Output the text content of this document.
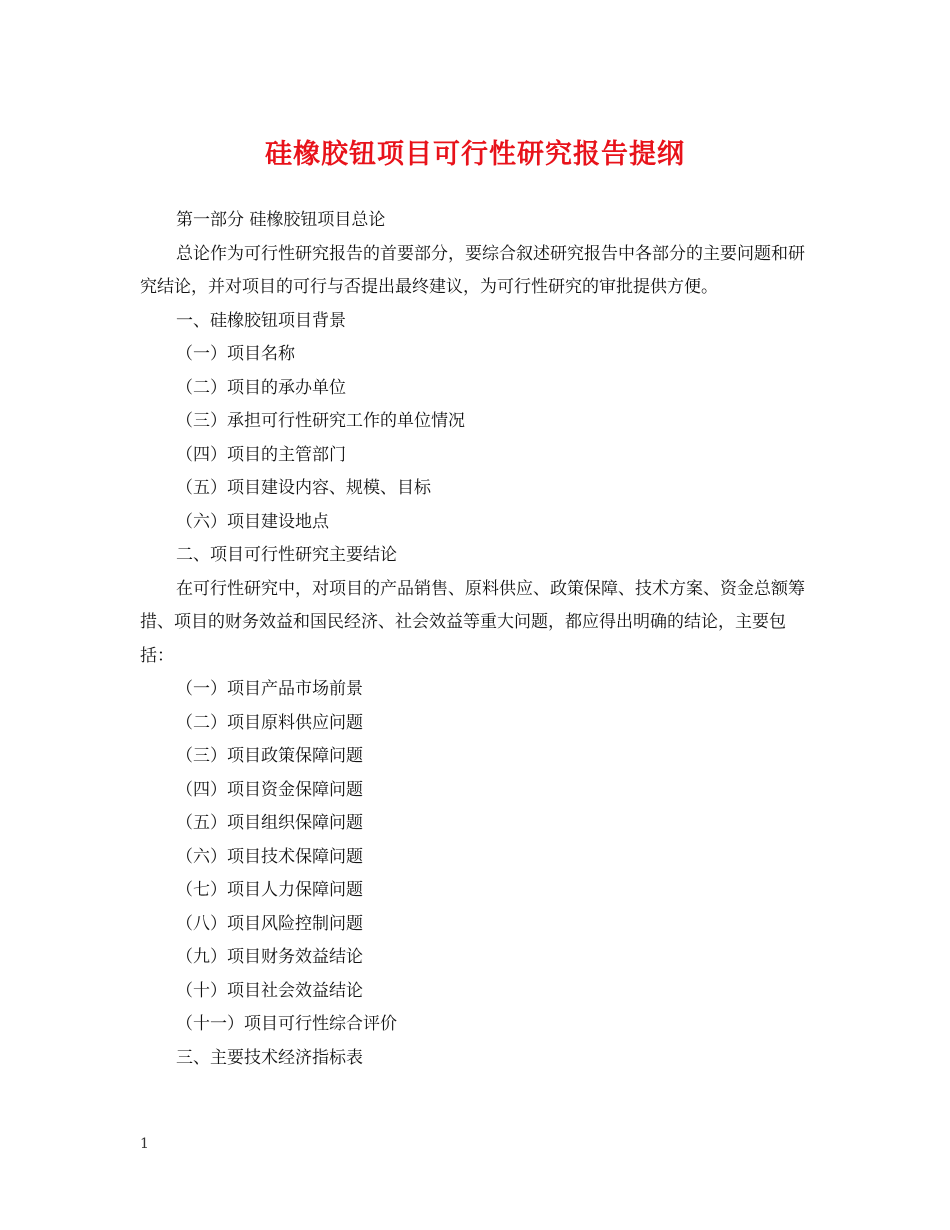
硅橡胶钮项目可行性研究报告提纲
第一部分 硅橡胶钮项目总论
总论作为可行性研究报告的首要部分，要综合叙述研究报告中各部分的主要问题和研究结论，并对项目的可行与否提出最终建议，为可行性研究的审批提供方便。
一、硅橡胶钮项目背景
（一）项目名称
（二）项目的承办单位
（三）承担可行性研究工作的单位情况
（四）项目的主管部门
（五）项目建设内容、规模、目标
（六）项目建设地点
二、项目可行性研究主要结论
在可行性研究中，对项目的产品销售、原料供应、政策保障、技术方案、资金总额筹措、项目的财务效益和国民经济、社会效益等重大问题，都应得出明确的结论，主要包括：
（一）项目产品市场前景
（二）项目原料供应问题
（三）项目政策保障问题
（四）项目资金保障问题
（五）项目组织保障问题
（六）项目技术保障问题
（七）项目人力保障问题
（八）项目风险控制问题
（九）项目财务效益结论
（十）项目社会效益结论
（十一）项目可行性综合评价
三、主要技术经济指标表
1
